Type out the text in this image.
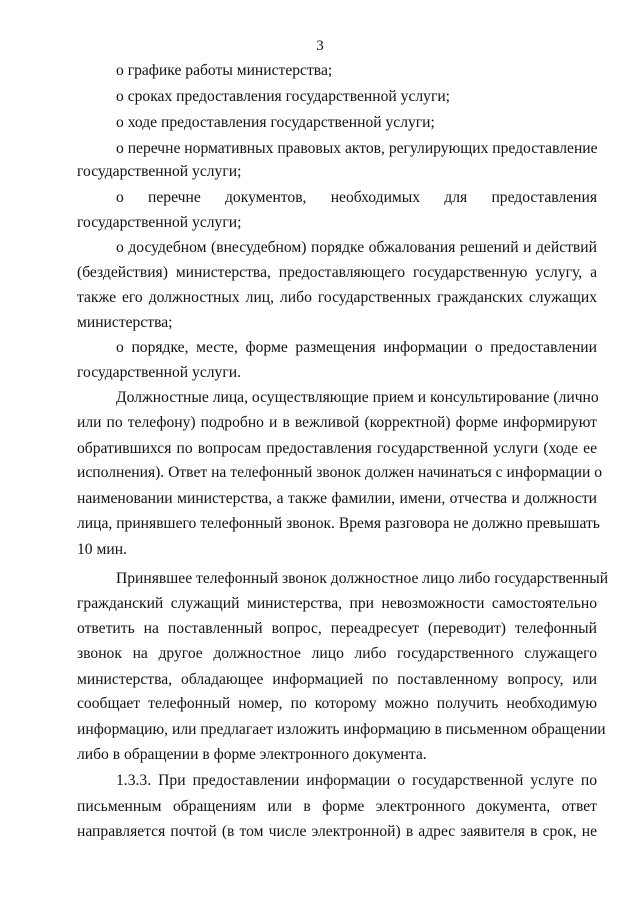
3
о графике работы министерства;
о сроках предоставления государственной услуги;
о ходе предоставления государственной услуги;
о перечне нормативных правовых актов, регулирующих предоставление
государственной услуги;
о перечне документов, необходимых для предоставления
государственной услуги;
о досудебном (внесудебном) порядке обжалования решений и действий
(бездействия) министерства, предоставляющего государственную услугу, а
также его должностных лиц, либо государственных гражданских служащих
министерства;
о порядке, месте, форме размещения информации о предоставлении
государственной услуги.
Должностные лица, осуществляющие прием и консультирование (лично
или по телефону) подробно и в вежливой (корректной) форме информируют
обратившихся по вопросам предоставления государственной услуги (ходе ее
исполнения). Ответ на телефонный звонок должен начинаться с информации о
наименовании министерства, а также фамилии, имени, отчества и должности
лица, принявшего телефонный звонок. Время разговора не должно превышать
10 мин.
Принявшее телефонный звонок должностное лицо либо государственный
гражданский служащий министерства, при невозможности самостоятельно
ответить на поставленный вопрос, переадресует (переводит) телефонный
звонок на другое должностное лицо либо государственного служащего
министерства, обладающее информацией по поставленному вопросу, или
сообщает телефонный номер, по которому можно получить необходимую
информацию, или предлагает изложить информацию в письменном обращении
либо в обращении в форме электронного документа.
1.3.3. При предоставлении информации о государственной услуге по
письменным обращениям или в форме электронного документа, ответ
направляется почтой (в том числе электронной) в адрес заявителя в срок, не
